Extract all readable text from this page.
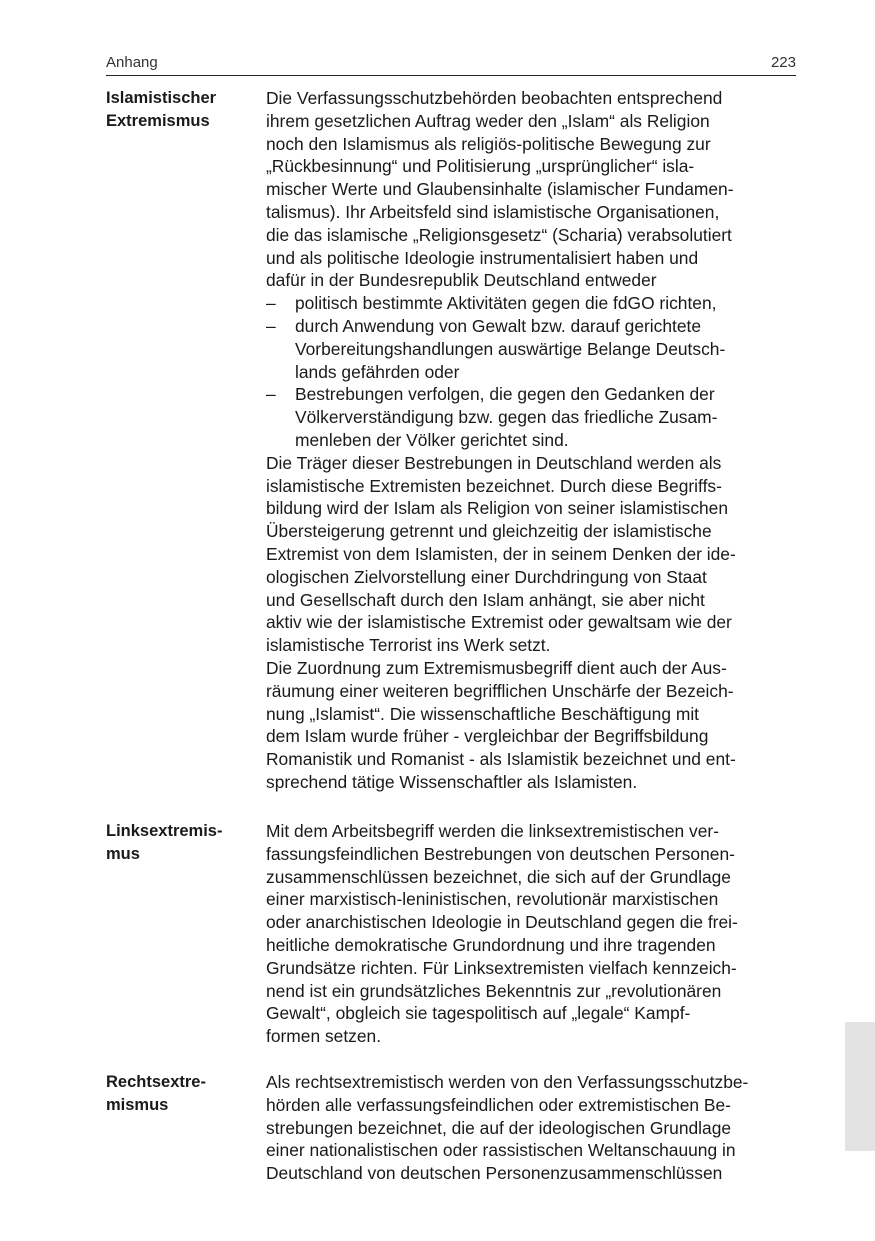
Anhang	223
Islamistischer
Extremismus
Die Verfassungsschutzbehörden beobachten entsprechend
ihrem gesetzlichen Auftrag weder den „Islam“ als Religion
noch den Islamismus als religiös-politische Bewegung zur
„Rückbesinnung“ und Politisierung „ursprünglicher“ isla-
mischer Werte und Glaubensinhalte (islamischer Fundamen-
talismus). Ihr Arbeitsfeld sind islamistische Organisationen,
die das islamische „Religionsgesetz“ (Scharia) verabsolutiert
und als politische Ideologie instrumentalisiert haben und
dafür in der Bundesrepublik Deutschland entweder
– politisch bestimmte Aktivitäten gegen die fdGO richten,
– durch Anwendung von Gewalt bzw. darauf gerichtete
Vorbereitungshandlungen auswärtige Belange Deutsch-
lands gefährden oder
– Bestrebungen verfolgen, die gegen den Gedanken der
Völkerverständigung bzw. gegen das friedliche Zusam-
menleben der Völker gerichtet sind.
Die Träger dieser Bestrebungen in Deutschland werden als
islamistische Extremisten bezeichnet. Durch diese Begriffs-
bildung wird der Islam als Religion von seiner islamistischen
Übersteigerung getrennt und gleichzeitig der islamistische
Extremist von dem Islamisten, der in seinem Denken der ide-
ologischen Zielvorstellung einer Durchdringung von Staat
und Gesellschaft durch den Islam anhängt, sie aber nicht
aktiv wie der islamistische Extremist oder gewaltsam wie der
islamistische Terrorist ins Werk setzt.
Die Zuordnung zum Extremismusbegriff dient auch der Aus-
räumung einer weiteren begrifflichen Unschärfe der Bezeich-
nung „Islamist“. Die wissenschaftliche Beschäftigung mit
dem Islam wurde früher - vergleichbar der Begriffsbildung
Romanistik und Romanist - als Islamistik bezeichnet und ent-
sprechend tätige Wissenschaftler als Islamisten.
Linksextremis-
mus
Mit dem Arbeitsbegriff werden die linksextremistischen ver-
fassungsfeindlichen Bestrebungen von deutschen Personen-
zusammenschlüssen bezeichnet, die sich auf der Grundlage
einer marxistisch-leninistischen, revolutionär marxistischen
oder anarchistischen Ideologie in Deutschland gegen die frei-
heitliche demokratische Grundordnung und ihre tragenden
Grundsätze richten. Für Linksextremisten vielfach kennzeich-
nend ist ein grundsätzliches Bekenntnis zur „revolutionären
Gewalt“, obgleich sie tagespolitisch auf „legale“ Kampf-
formen setzen.
Rechtsextre-
mismus
Als rechtsextremistisch werden von den Verfassungsschutzbe-
hörden alle verfassungsfeindlichen oder extremistischen Be-
strebungen bezeichnet, die auf der ideologischen Grundlage
einer nationalistischen oder rassistischen Weltanschauung in
Deutschland von deutschen Personenzusammenschlüssen
